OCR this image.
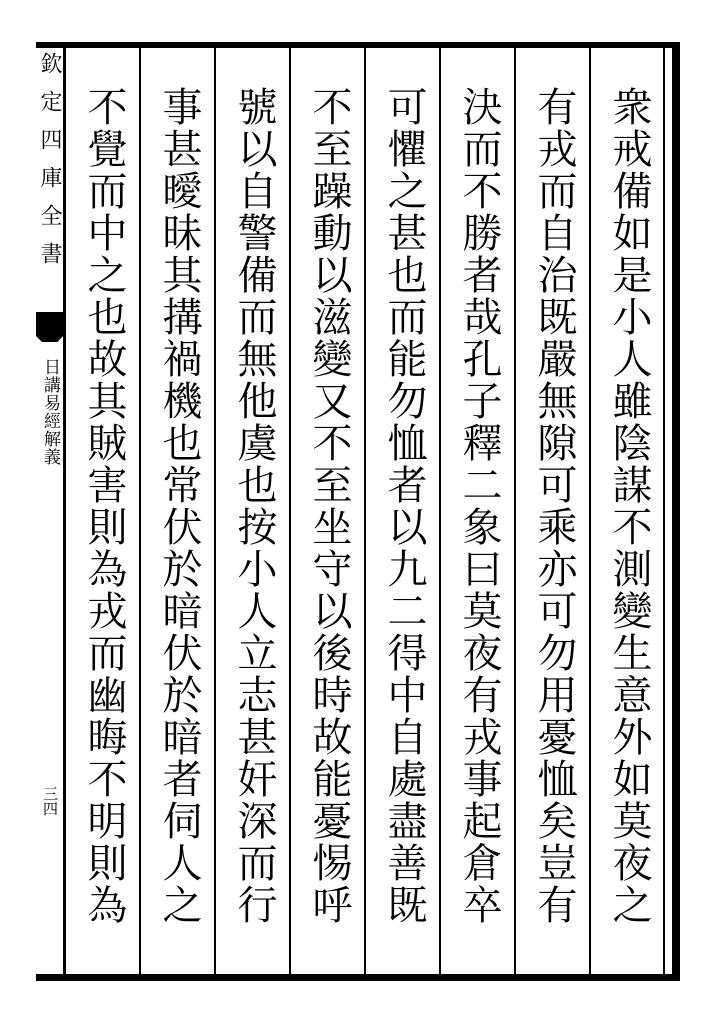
衆戒備如是小人雖陰謀不測變生意外如莫夜之
有戎而自治既嚴無隙可乘亦可勿用憂恤矣豈有
決而不勝者哉孔子釋二象曰莫夜有戎事起倉卒
可懼之甚也而能勿恤者以九二得中自處盡善既
不至躁動以滋變又不至坐守以後時故能憂惕呼
號以自警備而無他虞也按小人立志甚奸深而行
事甚曖昧其搆禍機也常伏於暗伏於暗者伺人之
不覺而中之也故其賊害則為戎而幽晦不明則為
欽定四庫全書
日講易經解義
三四
